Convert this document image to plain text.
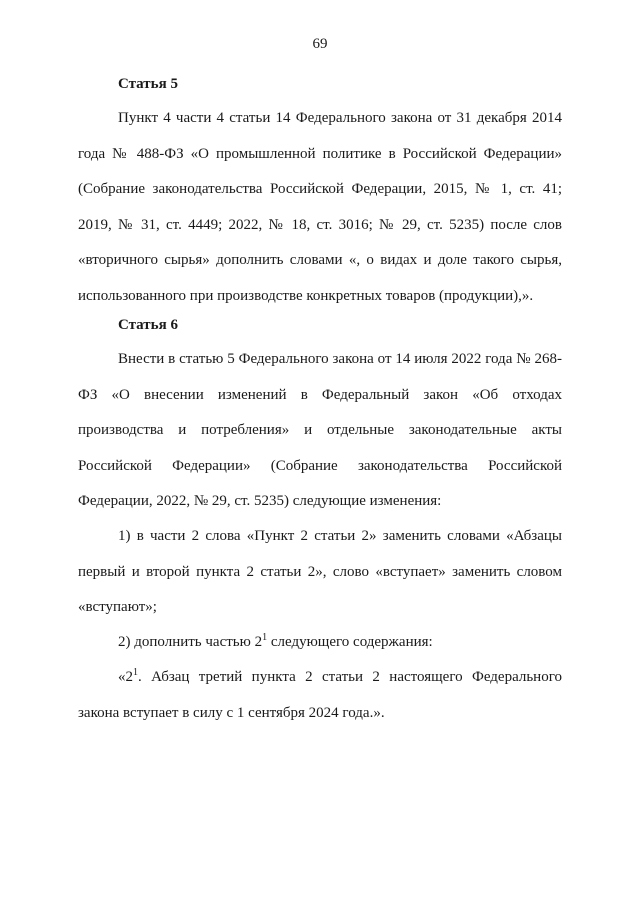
69
Статья 5

Пункт 4 части 4 статьи 14 Федерального закона от 31 декабря 2014 года № 488-ФЗ «О промышленной политике в Российской Федерации» (Собрание законодательства Российской Федерации, 2015, № 1, ст. 41; 2019, № 31, ст. 4449; 2022, № 18, ст. 3016; № 29, ст. 5235) после слов «вторичного сырья» дополнить словами «, о видах и доле такого сырья, использованного при производстве конкретных товаров (продукции),».

Статья 6

Внести в статью 5 Федерального закона от 14 июля 2022 года № 268-ФЗ «О внесении изменений в Федеральный закон «Об отходах производства и потребления» и отдельные законодательные акты Российской Федерации» (Собрание законодательства Российской Федерации, 2022, № 29, ст. 5235) следующие изменения:

1) в части 2 слова «Пункт 2 статьи 2» заменить словами «Абзацы первый и второй пункта 2 статьи 2», слово «вступает» заменить словом «вступают»;

2) дополнить частью $2^1$ следующего содержания:

«$2^1$. Абзац третий пункта 2 статьи 2 настоящего Федерального закона вступает в силу с 1 сентября 2024 года.».
